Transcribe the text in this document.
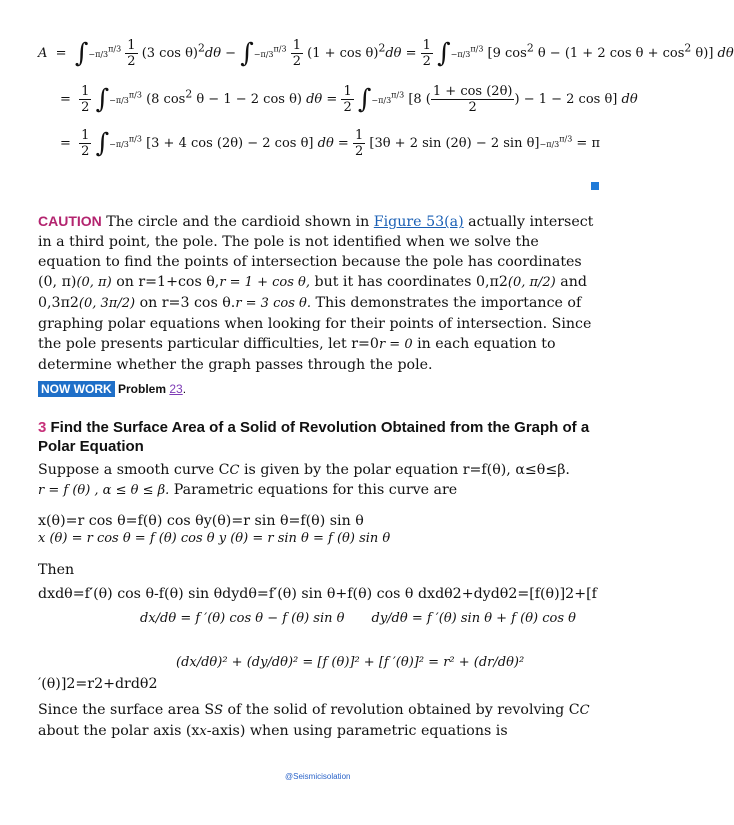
$A = \int-\pi/3^{\pi/3} \frac{1}{2} (3$ $\cos \theta)^2d\theta - \int-\pi/3^{\pi/3} \frac{1}{2} (1 + \cos \theta)^2d\theta = \frac{1}{2} \int-\pi/3^{\pi/3}$ [9 $\cos^2 \theta - (1 + 2$ $\cos \theta + \cos^2 \theta$)] dθ
= $\frac{1}{2} \int-\pi/3^{\pi/3}$ (8 $\cos^2 \theta - 1 - 2$ cos θ) $d\theta = \frac{1}{2} \int-\pi/3^{\pi/3}$ [8 ( $\frac{1 + \cos (2\theta)}{2}$ ) − 1 − 2 cos θ] dθ
= $\frac{1}{2} \int-\pi/3^{\pi/3}$ [3 + 4 cos (2θ) − 2 cos θ] $d\theta = \frac{1}{2} [3\theta + 2$ sin (2θ) − 2 $\sin \theta]-\pi/3^{\pi/3} = \pi$
CAUTION The circle and the cardioid shown in Figure 53(a) actually intersect in a third point, the pole. The pole is not identified when we solve the equation to find the points of intersection because the pole has coordinates (0, π)(0, π) on r=1+cos θ,r = 1 + cos θ, but it has coordinates 0,π2(0, π/2) and 0,3π2(0, 3π/2) on r=3 cos θ.r = 3 cos θ. This demonstrates the importance of graphing polar equations when looking for their points of intersection. Since the pole presents particular difficulties, let r=0r = 0 in each equation to determine whether the graph passes through the pole.
NOW WORK Problem 23.
3 Find the Surface Area of a Solid of Revolution Obtained from the Graph of a Polar Equation
Suppose a smooth curve CC is given by the polar equation r=f(θ), α≤θ≤β.
r = f (θ) , α ≤ θ ≤ β. Parametric equations for this curve are
x(θ)=r cos θ=f(θ) cos θy(θ)=r sin θ=f(θ) sin θ
x (θ) = r cos θ = f (θ) cos θ y (θ) = r sin θ = f (θ) sin θ
Then
dxdθ=f′(θ) cos θ-f(θ) sin θdydθ=f′(θ) sin θ+f(θ) cos θ dxdθ2+dydθ2=[f(θ)]2+[f
dx/dθ = f ′(θ) cos θ − f (θ) sin θ dy/dθ = f ′(θ) sin θ + f (θ) cos θ
(dx/dθ)² + (dy/dθ)² = [f (θ)]² + [f ′(θ)]² = r² + (dr/dθ)²
′(θ)]2=r2+drdθ2
Since the surface area SS of the solid of revolution obtained by revolving CC about the polar axis (xx-axis) when using parametric equations is
@Seismicisolation
